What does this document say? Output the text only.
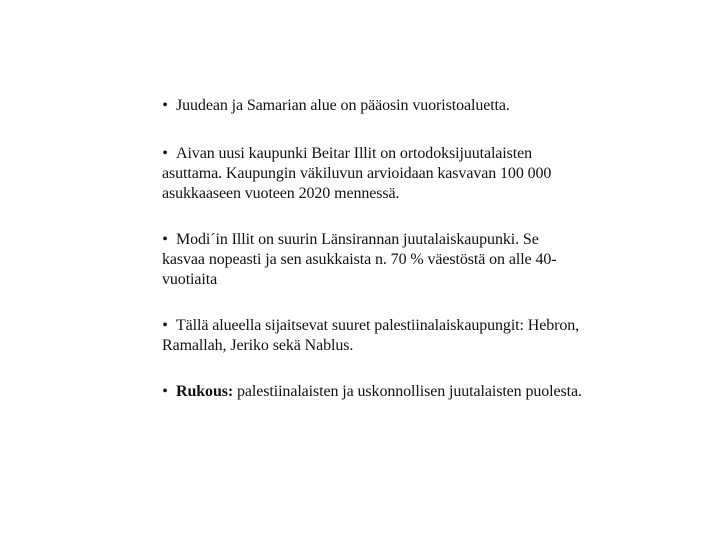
• Juudean ja Samarian alue on pääosin vuoristoaluetta.
• Aivan uusi kaupunki Beitar Illit on ortodoksijuutalaisten asuttama. Kaupungin väkiluvun arvioidaan kasvavan 100 000 asukkaaseen vuoteen 2020 mennessä.
• Modi´in Illit on suurin Länsirannan juutalaiskaupunki. Se kasvaa nopeasti ja sen asukkaista n. 70 % väestöstä on alle 40-vuotiaita
• Tällä alueella sijaitsevat suuret palestiinalaiskaupungit: Hebron, Ramallah, Jeriko sekä Nablus.
• Rukous: palestiinalaisten ja uskonnollisen juutalaisten puolesta.
